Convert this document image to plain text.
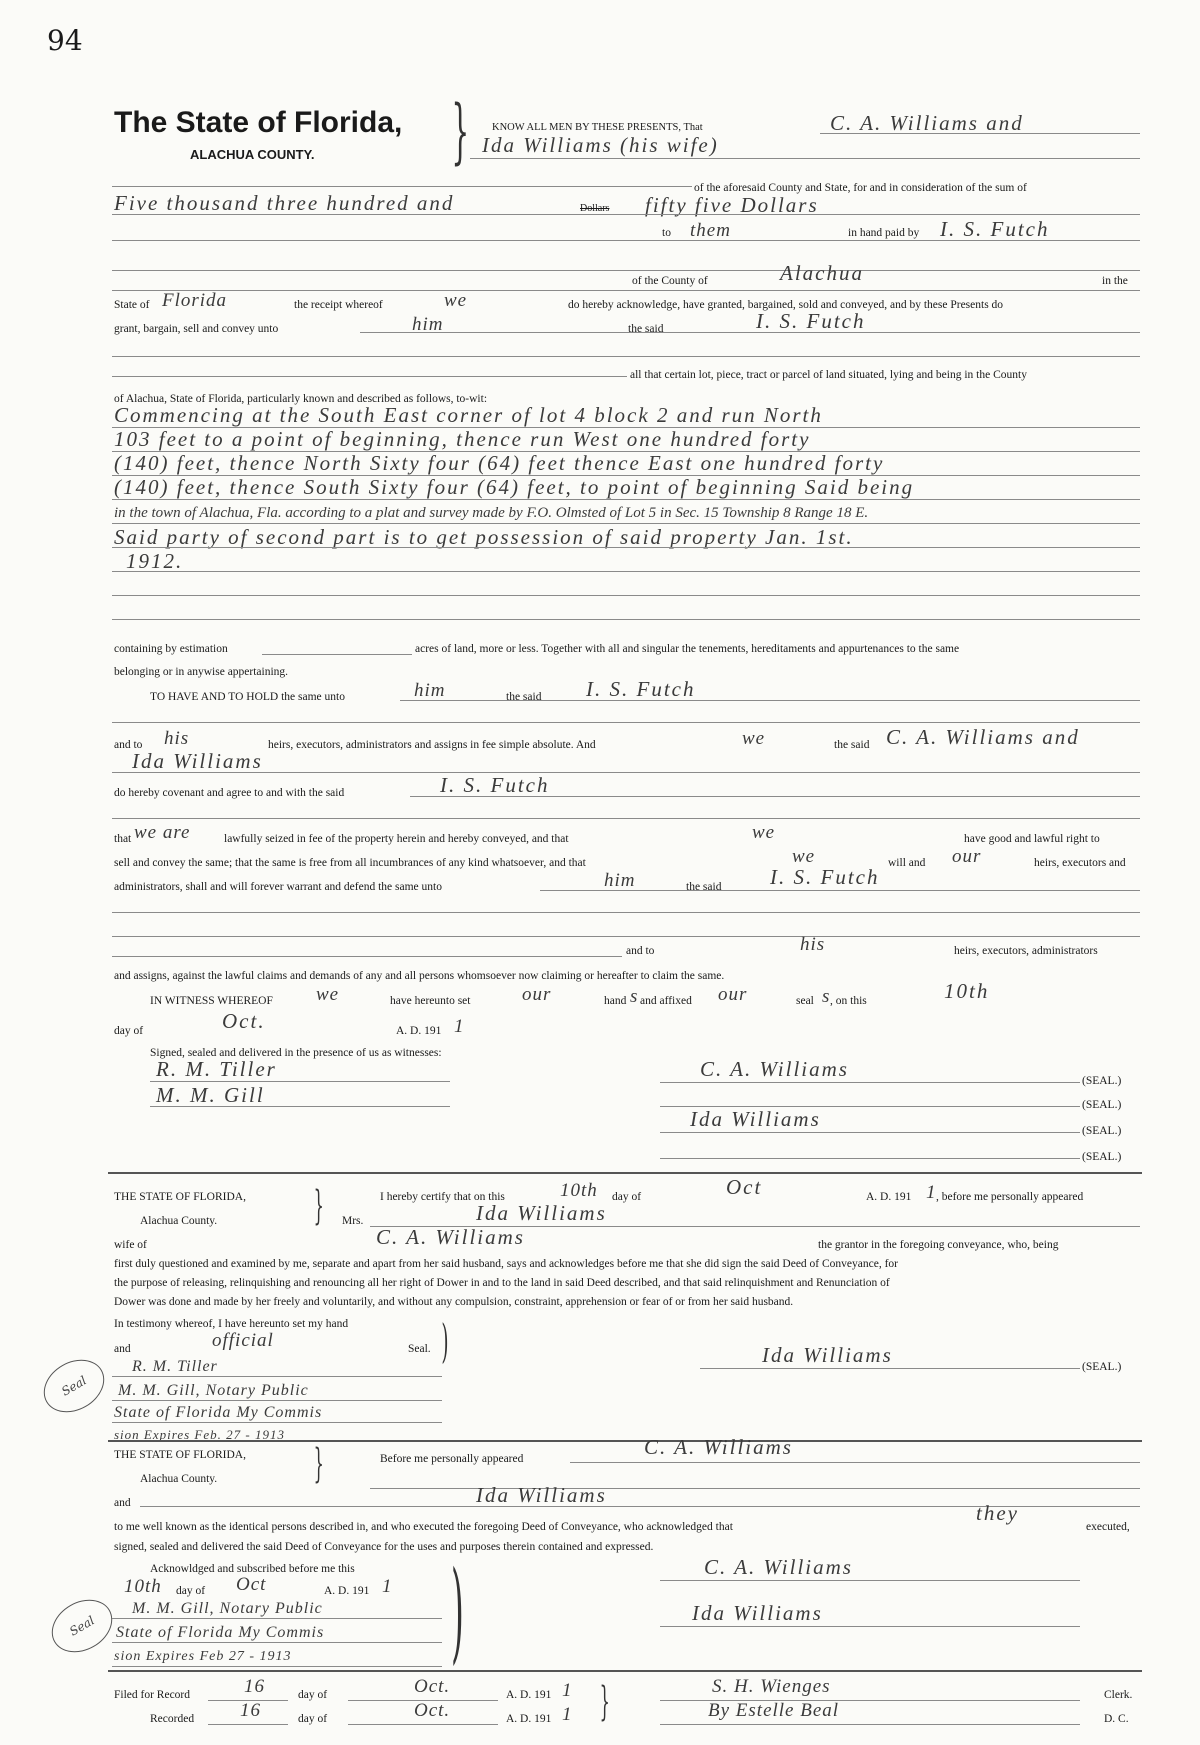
94
The State of Florida,
ALACHUA COUNTY. } KNOW ALL MEN BY THESE PRESENTS, That	C. A. Williams and
Ida Williams (his wife)
of the aforesaid County and State, for and in consideration of the sum of
Five thousand three hundred and	Dollars fifty five Dollars
to them	in hand paid by I. S. Futch
of the County of	Alachua	in the
State of Florida	the receipt whereof	we	do hereby acknowledge, have granted, bargained, sold and conveyed, and by these Presents do
grant, bargain, sell and convey unto	him	the said	I. S. Futch
all that certain lot, piece, tract or parcel of land situated, lying and being in the County
of Alachua, State of Florida, particularly known and described as follows, to-wit:
Commencing at the South East corner of lot 4 block 2 and run North
103 feet to a point of beginning, thence run West one hundred forty
(140) feet, thence North Sixty four (64) feet thence East one hundred forty
(140) feet, thence South Sixty four (64) feet, to point of beginning Said being
in the town of Alachua, Fla. according to a plat and survey made by F.O. Olmsted of Lot 5 in Sec. 15 Township 8 Range 18 E.
Said party of second part is to get possession of said property Jan. 1st.
1912.
containing by estimation	acres of land, more or less. Together with all and singular the tenements, hereditaments and appurtenances to the same
belonging or in anywise appertaining.
TO HAVE AND TO HOLD the same unto	him	the said I. S. Futch
and to his	heirs, executors, administrators and assigns in fee simple absolute. And	we	the said C. A. Williams and
Ida Williams
do hereby covenant and agree to and with the said	I. S. Futch
that we are	lawfully seized in fee of the property herein and hereby conveyed, and that	we	have good and lawful right to
sell and convey the same; that the same is free from all incumbrances of any kind whatsoever, and that	we	will and our	heirs, executors and
administrators, shall and will forever warrant and defend the same unto	him	the said I. S. Futch
and to	his	heirs, executors, administrators
and assigns, against the lawful claims and demands of any and all persons whomsoever now claiming or hereafter to claim the same.
IN WITNESS WHEREOF we	have hereunto set	our	hand s and affixed our	seal s , on this	10th
day of	Oct.	A. D. 191 1
Signed, sealed and delivered in the presence of us as witnesses:
R. M. Tiller
M. M. Gill
C. A. Williams	(SEAL.)
(SEAL.)
Ida Williams	(SEAL.)
(SEAL.)
THE STATE OF FLORIDA,
Alachua County. }	I hereby certify that on this	10th day of	Oct	A. D. 191 1 , before me personally appeared
Mrs.	Ida Williams
wife of	C. A. Williams	the grantor in the foregoing conveyance, who, being
first duly questioned and examined by me, separate and apart from her said husband, says and acknowledges before me that she did sign the said Deed of Conveyance, for
the purpose of releasing, relinquishing and renouncing all her right of Dower in and to the land in said Deed described, and that said relinquishment and Renunciation of
Dower was done and made by her freely and voluntarily, and without any compulsion, constraint, apprehension or fear of or from her said husband.
In testimony whereof, I have hereunto set my hand
and	official	Seal. )
Seal
R. M. Tiller
M. M. Gill, Notary Public
State of Florida My Commis
sion Expires Feb. 27 - 1913
Ida Williams	(SEAL.)
THE STATE OF FLORIDA,
Alachua County. }	Before me personally appeared	C. A. Williams
and	Ida Williams
to me well known as the identical persons described in, and who executed the foregoing Deed of Conveyance, who acknowledged that
they
executed,
signed, sealed and delivered the said Deed of Conveyance for the uses and purposes therein contained and expressed.
Acknowldged and subscribed before me this
10th day of Oct	A. D. 191 1 )
Seal
M. M. Gill, Notary Public
State of Florida My Commis
sion Expires Feb 27 - 1913
C. A. Williams
Ida Williams
Filed for Record	16	day of	Oct.	A. D. 191 1
Recorded 16	day of	Oct.	A. D. 191 1 }	S. H. Wienges	Clerk.
By Estelle Beal	D. C.
